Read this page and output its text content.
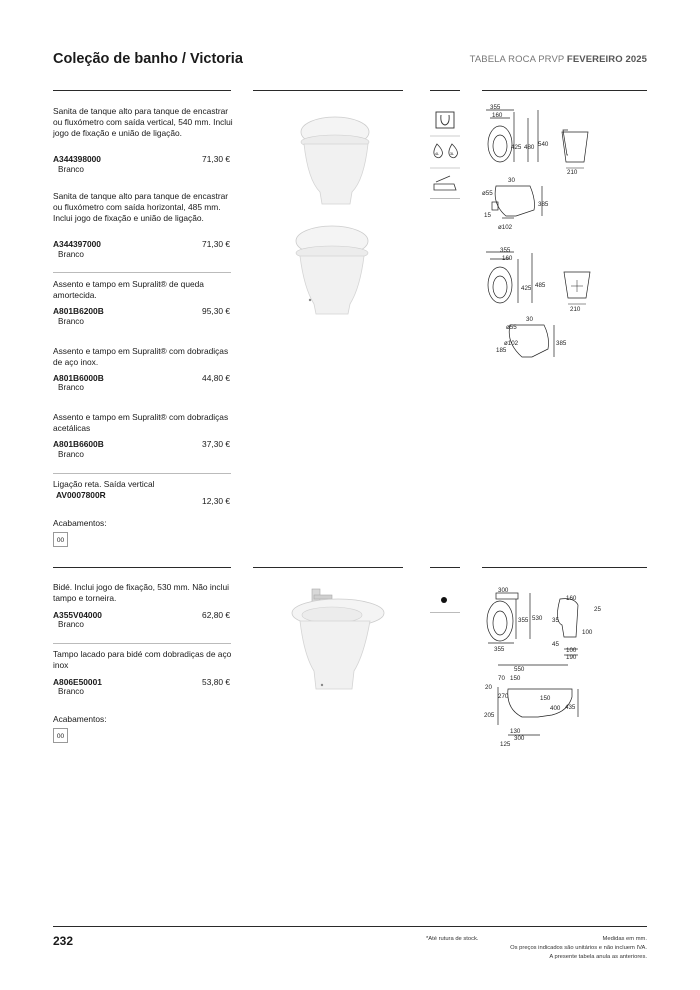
Coleção de banho / Victoria	TABELA ROCA PRVP FEVEREIRO 2025
Sanita de tanque alto para tanque de encastrar ou fluxómetro com saída vertical, 540 mm. Inclui jogo de fixação e união de ligação.
A344398000	71,30 €
Branco
Sanita de tanque alto para tanque de encastrar ou fluxómetro com saída horizontal, 485 mm. Inclui jogo de fixação e união de ligação.
A344397000	71,30 €
Branco
Assento e tampo em Supralit® de queda amortecida.
A801B6200B	95,30 €
Branco
Assento e tampo em Supralit® com dobradiças de aço inox.
A801B6000B	44,80 €
Branco
Assento e tampo em Supralit® com dobradiças acetálicas
A801B6600B	37,30 €
Branco
Ligação reta. Saída vertical
AV0007800R
12,30 €
Acabamentos:
00
4L	3L
355
160
425 480 540
30
ø55
385
15
ø102
210
355
160
425 485
30
ø55
ø102	385
185
210
Bidé. Inclui jogo de fixação, 530 mm. Não inclui tampo e torneira.
A355V04000	62,80 €
Branco
Tampo lacado para bidé com dobradiças de aço inox
A806E50001	53,80 €
Branco
Acabamentos:
00
300
355 530
355
160
25
35
45
100
100
190
550
70 150
20
270	150
400 435
205
130
300
125
232	*Até rutura de stock.	Medidas em mm.
Os preços indicados são unitários e não incluem IVA.
A presente tabela anula as anteriores.
